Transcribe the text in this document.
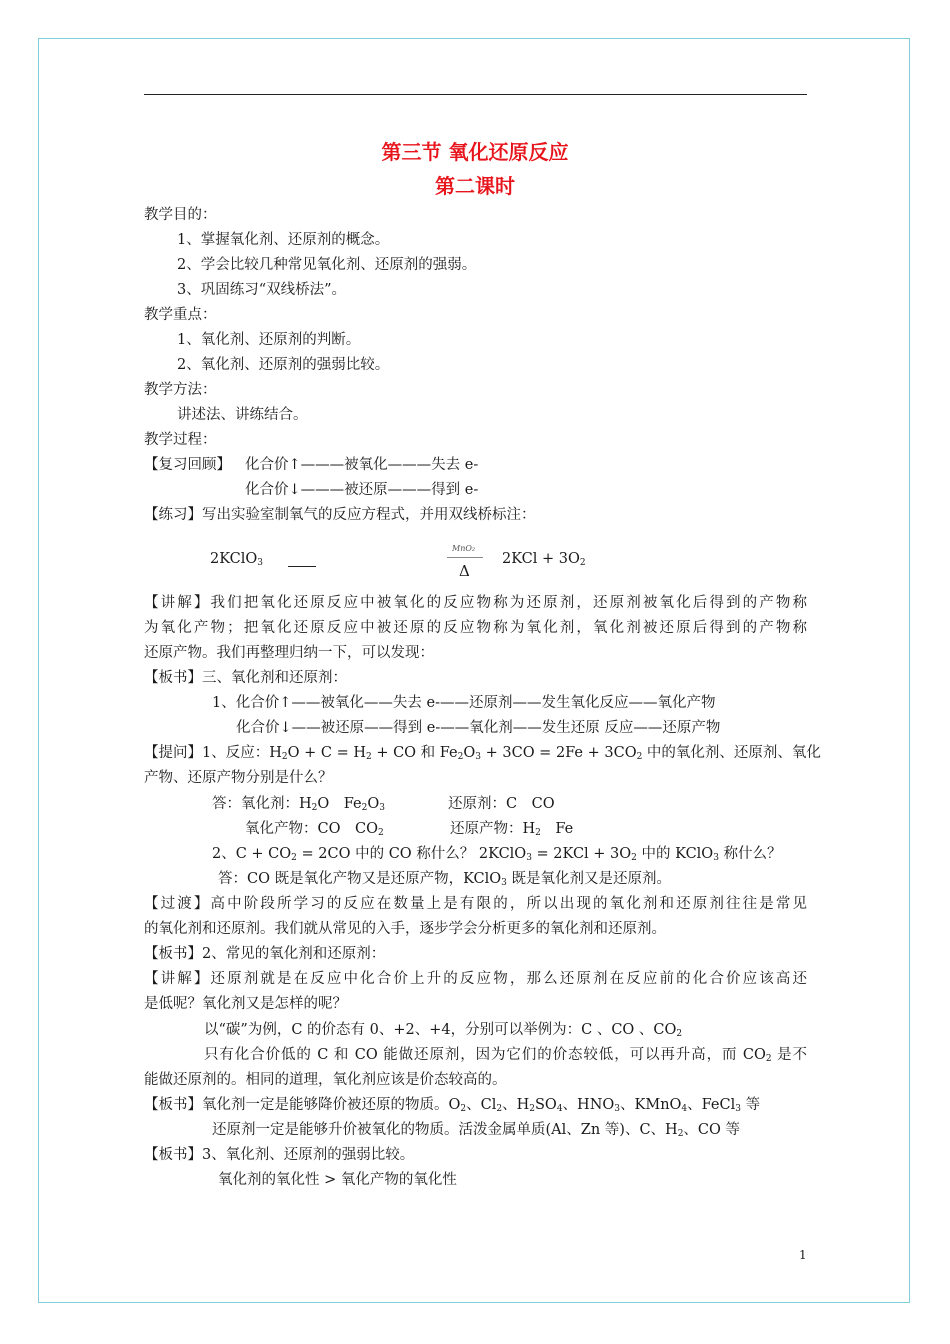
第三节 氧化还原反应
第二课时
教学目的：
1、掌握氧化剂、还原剂的概念。
2、学会比较几种常见氧化剂、还原剂的强弱。
3、巩固练习“双线桥法”。
教学重点：
1、氧化剂、还原剂的判断。
2、氧化剂、还原剂的强弱比较。
教学方法：
讲述法、讲练结合。
教学过程：
【复习回顾】 化合价↑———被氧化———失去 e-
化合价↓———被还原———得到 e-
【练习】写出实验室制氧气的反应方程式，并用双线桥标注：
2KClO$_3$
MnO₂
Δ
$2KCl + 3O_2$
【讲解】我们把氧化还原反应中被氧化的反应物称为还原剂，还原剂被氧化后得到的产物称
为氧化产物；把氧化还原反应中被还原的反应物称为氧化剂，氧化剂被还原后得到的产物称
还原产物。我们再整理归纳一下，可以发现：
【板书】三、氧化剂和还原剂：
1、化合价↑——被氧化——失去 e-——还原剂——发生氧化反应——氧化产物
化合价↓——被还原——得到 e-——氧化剂——发生还原 反应——还原产物
【提问】1、反应：$H_2O + C = H_2$ + CO 和 $Fe_2O_3 + 3CO = 2Fe + 3CO_2$ 中的氧化剂、还原剂、氧化
产物、还原产物分别是什么？
答：氧化剂：$H_2O$　$Fe_2O_3$	还原剂：C　CO
氧化产物：CO　$CO_2$	还原产物：$H_2$　Fe
2、$C + CO_2 = 2CO$ 中的 CO 称什么？ 2KClO$_3$ = $2KCl + 3O_2$ 中的 KClO$_3$ 称什么？
答：CO 既是氧化产物又是还原产物，KClO$_3$ 既是氧化剂又是还原剂。
【过渡】高中阶段所学习的反应在数量上是有限的，所以出现的氧化剂和还原剂往往是常见
的氧化剂和还原剂。我们就从常见的入手，逐步学会分析更多的氧化剂和还原剂。
【板书】2、常见的氧化剂和还原剂：
【讲解】还原剂就是在反应中化合价上升的反应物，那么还原剂在反应前的化合价应该高还
是低呢？氧化剂又是怎样的呢？
以“碳”为例，C 的价态有 0、+2、+4，分别可以举例为：C 、CO 、$CO_2$
只有化合价低的 C 和 CO 能做还原剂，因为它们的价态较低，可以再升高，而 $CO_2$ 是不
能做还原剂的。相同的道理，氧化剂应该是价态较高的。
【板书】氧化剂一定是能够降价被还原的物质。$O_2$、$Cl_2$、$H_2SO_4$、$HNO_3$、KMnO$_4$、FeCl$_3$ 等
还原剂一定是能够升价被氧化的物质。活泼金属单质(Al、Zn 等)、C、$H_2$、CO 等
【板书】3、氧化剂、还原剂的强弱比较。
氧化剂的氧化性 > 氧化产物的氧化性
1
